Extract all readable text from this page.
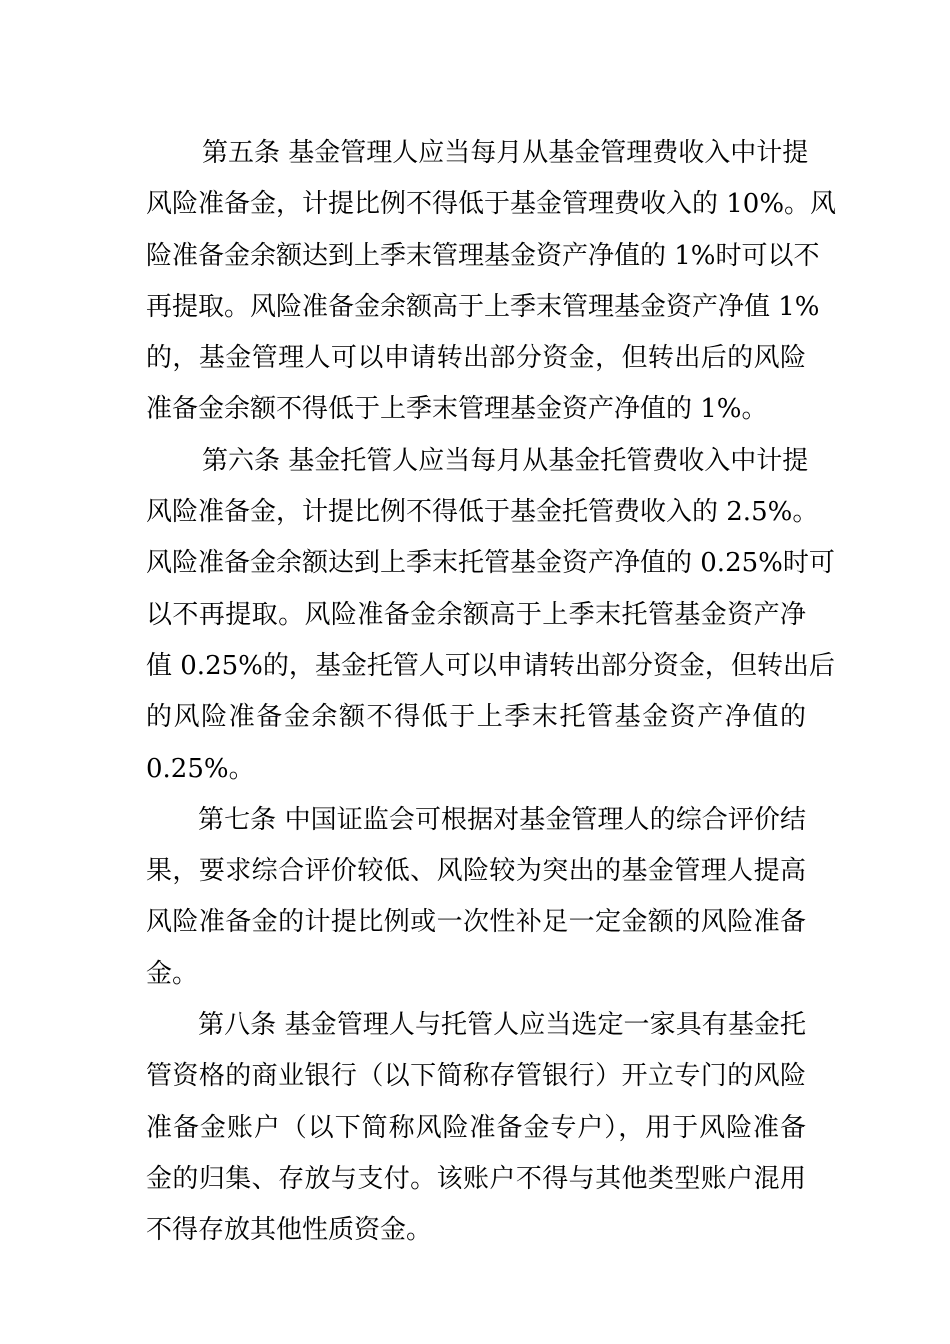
第五条 基金管理人应当每月从基金管理费收入中计提
风险准备金，计提比例不得低于基金管理费收入的 10%。风
险准备金余额达到上季末管理基金资产净值的 1%时可以不
再提取。风险准备金余额高于上季末管理基金资产净值 1%
的，基金管理人可以申请转出部分资金，但转出后的风险
准备金余额不得低于上季末管理基金资产净值的 1%。
第六条 基金托管人应当每月从基金托管费收入中计提
风险准备金，计提比例不得低于基金托管费收入的 2.5%。
风险准备金余额达到上季末托管基金资产净值的 0.25%时可
以不再提取。风险准备金余额高于上季末托管基金资产净
值 0.25%的，基金托管人可以申请转出部分资金，但转出后
的风险准备金余额不得低于上季末托管基金资产净值的
0.25%。
第七条 中国证监会可根据对基金管理人的综合评价结
果，要求综合评价较低、风险较为突出的基金管理人提高
风险准备金的计提比例或一次性补足一定金额的风险准备
金。
第八条 基金管理人与托管人应当选定一家具有基金托
管资格的商业银行（以下简称存管银行）开立专门的风险
准备金账户（以下简称风险准备金专户），用于风险准备
金的归集、存放与支付。该账户不得与其他类型账户混用
不得存放其他性质资金。
